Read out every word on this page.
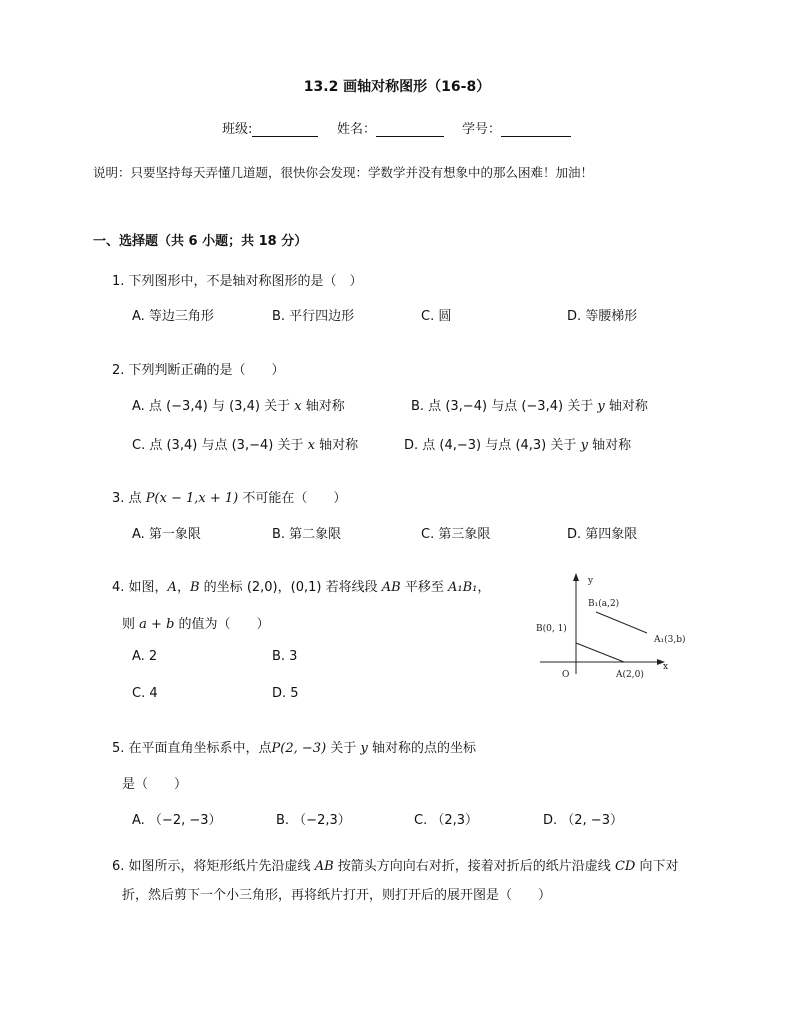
13.2 画轴对称图形（16-8）
班级:	姓名：	学号：
说明：只要坚持每天弄懂几道题，很快你会发现：学数学并没有想象中的那么困难！加油！
一、选择题（共 6 小题；共 18 分）
1. 下列图形中，不是轴对称图形的是（　）
A. 等边三角形	B. 平行四边形	C. 圆	D. 等腰梯形
2. 下列判断正确的是（　　）
A. 点 (−3,4) 与 (3,4) 关于 x 轴对称	B. 点 (3,−4) 与点 (−3,4) 关于 y 轴对称
C. 点 (3,4) 与点 (3,−4) 关于 x 轴对称	D. 点 (4,−3) 与点 (4,3) 关于 y 轴对称
3. 点 P(x − 1,x + 1) 不可能在（　　）
A. 第一象限	B. 第二象限	C. 第三象限	D. 第四象限
4. 如图，A，B 的坐标 (2,0)，(0,1) 若将线段 AB 平移至 A₁B₁，
则 a + b 的值为（　　）
A. 2	B. 3
C. 4	D. 5
y
x
O
B₁(a,2)
A₁(3,b)
B(0, 1)
A(2,0)
5. 在平面直角坐标系中，点P(2, −3) 关于 y 轴对称的点的坐标
是（　　）
A. （−2, −3）	B. （−2,3）	C. （2,3）	D. （2, −3）
6. 如图所示，将矩形纸片先沿虚线 AB 按箭头方向向右对折，接着对折后的纸片沿虚线 CD 向下对
折，然后剪下一个小三角形，再将纸片打开，则打开后的展开图是（　　）
